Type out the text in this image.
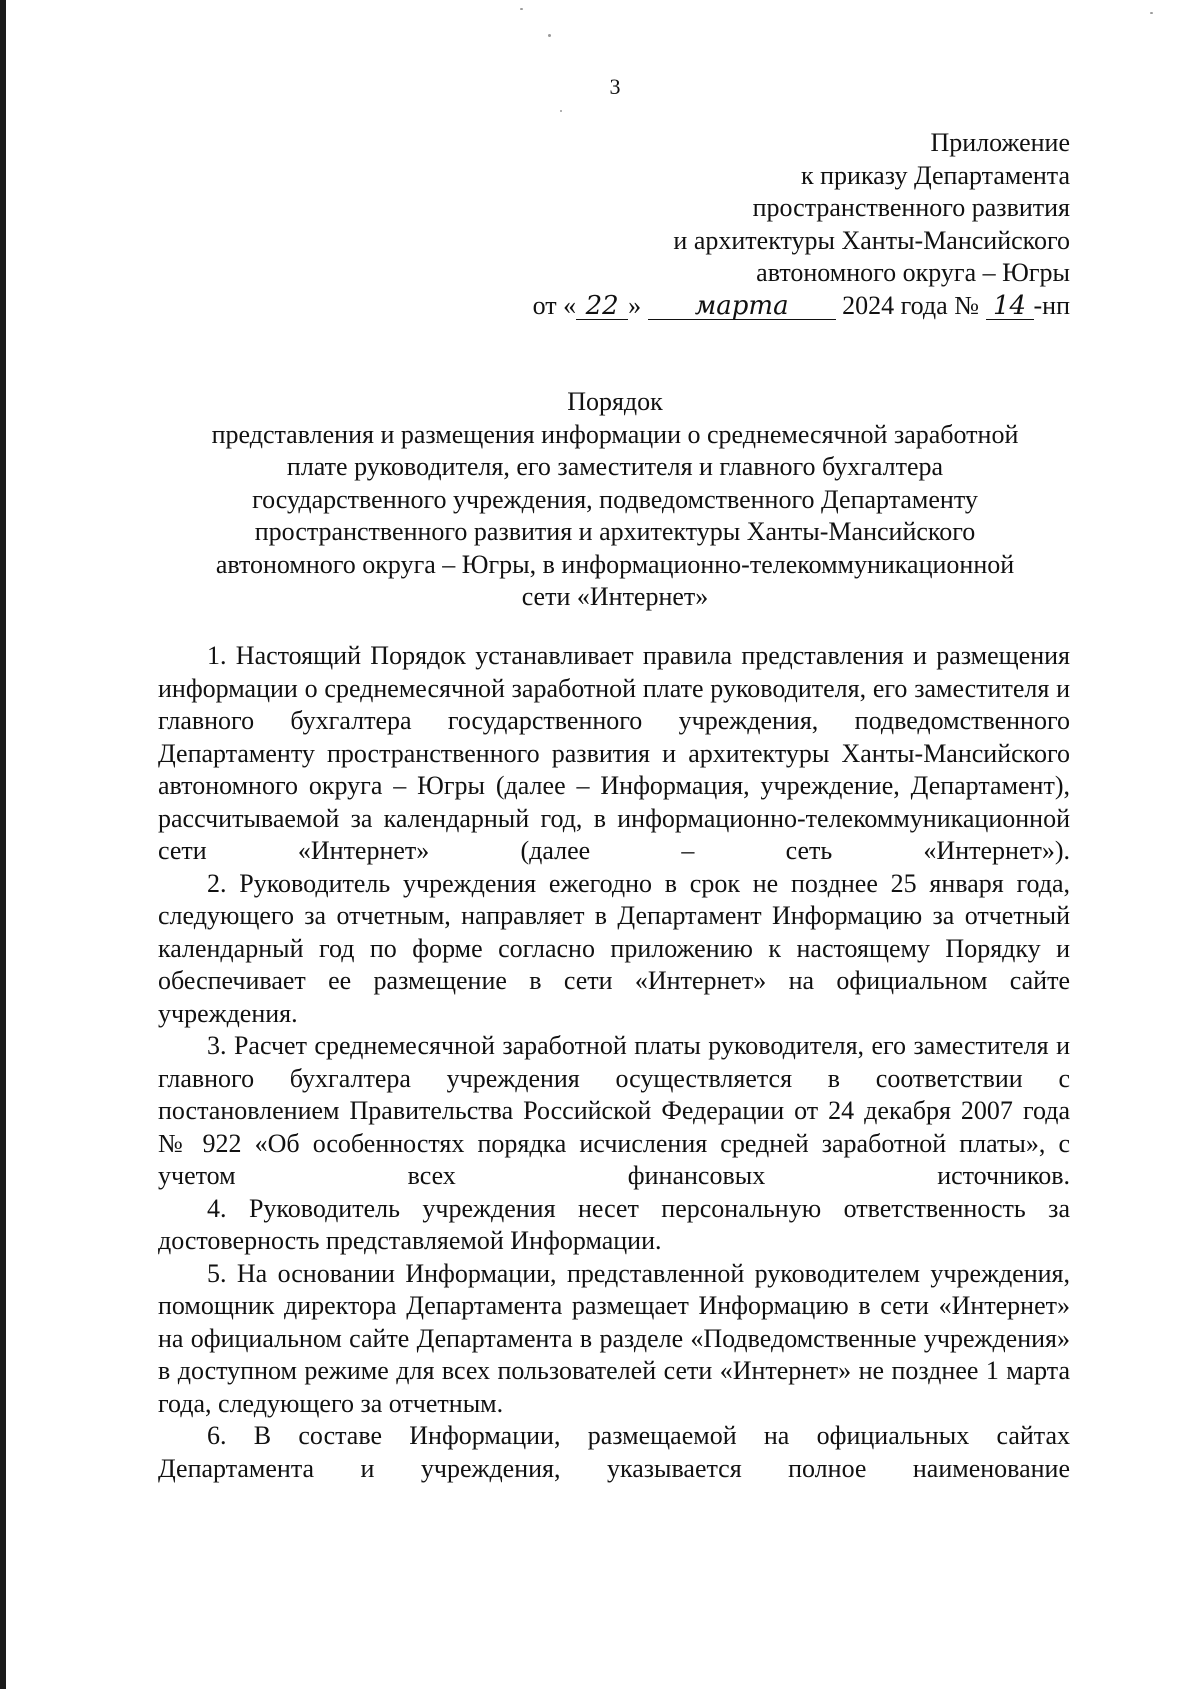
3
Приложение
к приказу Департамента
пространственного развития
и архитектуры Ханты-Мансийского
автономного округа – Югры
от « 22 » марта 2024 года № 14 -нп
Порядок
представления и размещения информации о среднемесячной заработной плате руководителя, его заместителя и главного бухгалтера государственного учреждения, подведомственного Департаменту пространственного развития и архитектуры Ханты-Мансийского автономного округа – Югры, в информационно-телекоммуникационной сети «Интернет»

1. Настоящий Порядок устанавливает правила представления и размещения информации о среднемесячной заработной плате руководителя, его заместителя и главного бухгалтера государственного учреждения, подведомственного Департаменту пространственного развития и архитектуры Ханты-Мансийского автономного округа – Югры (далее – Информация, учреждение, Департамент), рассчитываемой за календарный год, в информационно-телекоммуникационной сети «Интернет» (далее – сеть «Интернет»).

2. Руководитель учреждения ежегодно в срок не позднее 25 января года, следующего за отчетным, направляет в Департамент Информацию за отчетный календарный год по форме согласно приложению к настоящему Порядку и обеспечивает ее размещение в сети «Интернет» на официальном сайте учреждения.

3. Расчет среднемесячной заработной платы руководителя, его заместителя и главного бухгалтера учреждения осуществляется в соответствии с постановлением Правительства Российской Федерации от 24 декабря 2007 года № 922 «Об особенностях порядка исчисления средней заработной платы», с учетом всех финансовых источников.

4. Руководитель учреждения несет персональную ответственность за достоверность представляемой Информации.

5. На основании Информации, представленной руководителем учреждения, помощник директора Департамента размещает Информацию в сети «Интернет» на официальном сайте Департамента в разделе «Подведомственные учреждения» в доступном режиме для всех пользователей сети «Интернет» не позднее 1 марта года, следующего за отчетным.

6. В составе Информации, размещаемой на официальных сайтах Департамента и учреждения, указывается полное наименование
